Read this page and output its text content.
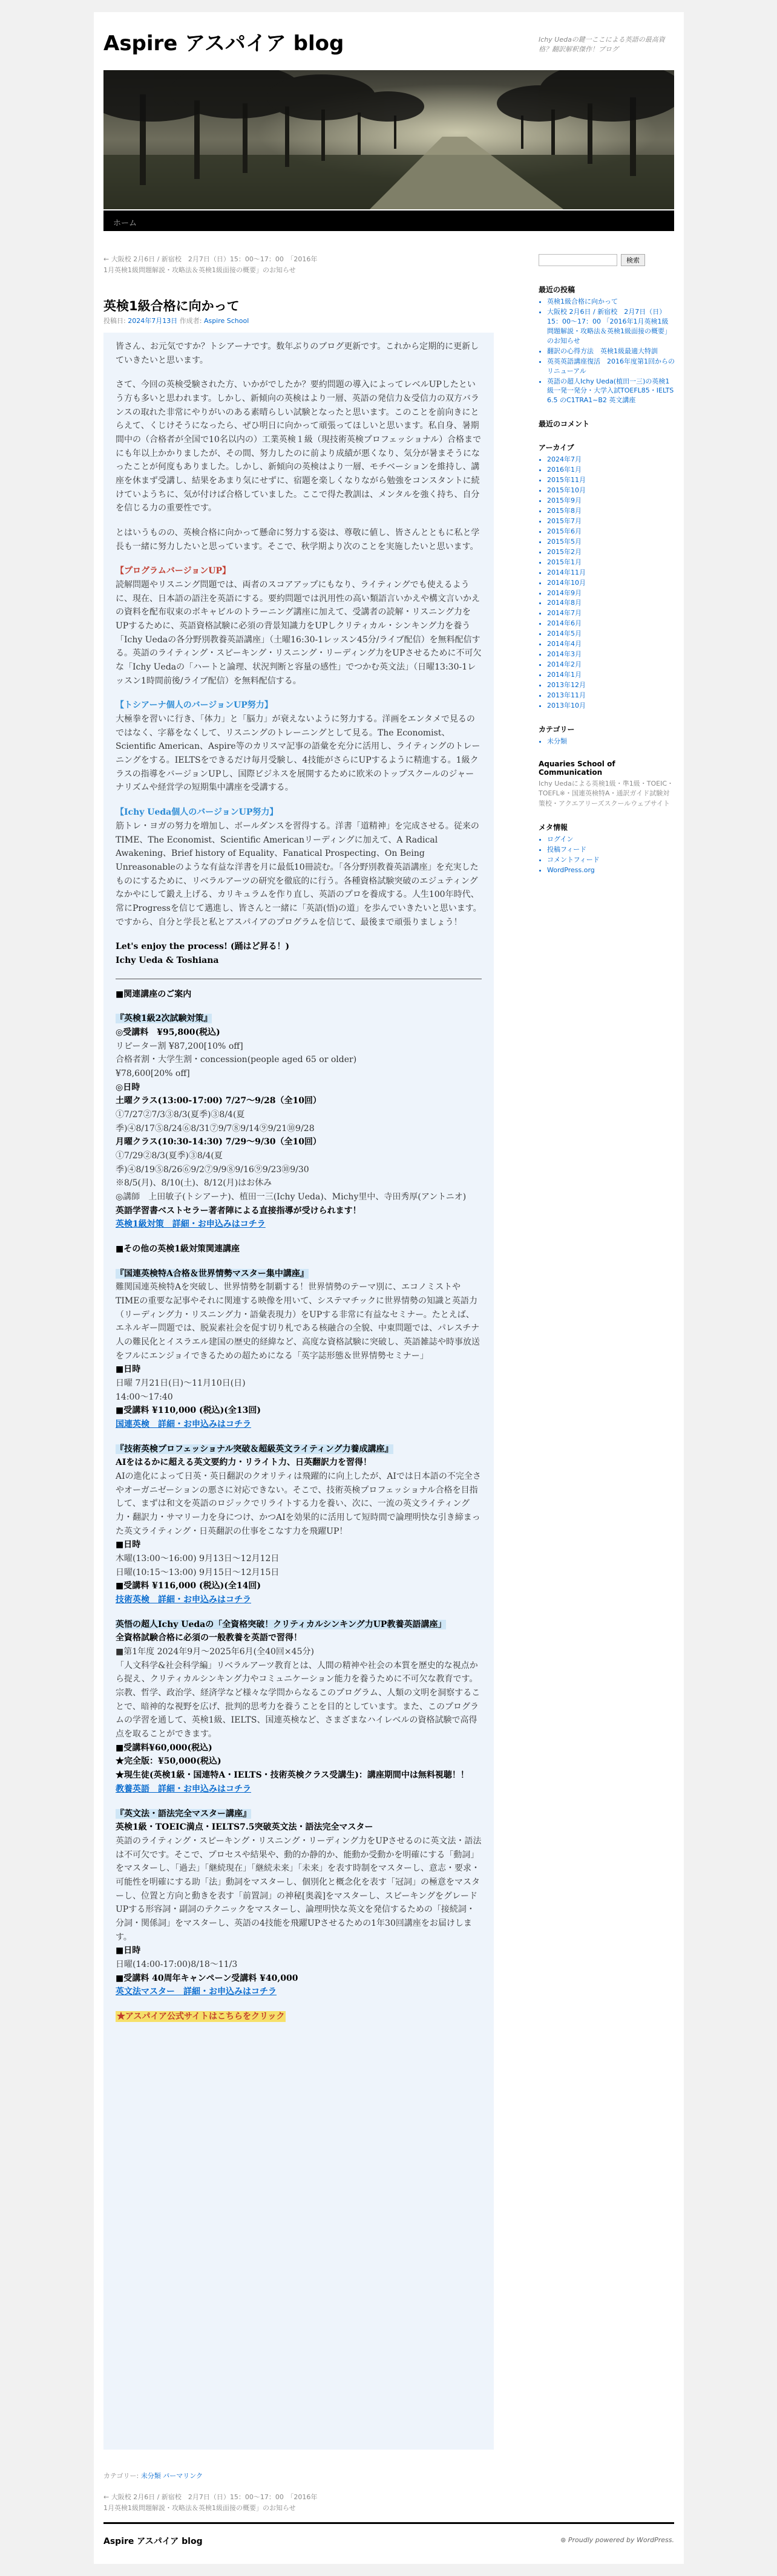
Aspire アスパイア blog	Ichy Uedaの鍵一ここによる英語の最高資格？翻訳解釈傑作！ブログ
ホーム
← 大阪校 2月6日 / 新宿校　2月7日（日）15：00〜17：00　「2016年1月英検1級問題解説・攻略法＆英検1級面接の概要」のお知らせ
英検1級合格に向かって
投稿日: 2024年7月13日 作成者: Aspire School

皆さん、お元気ですか？トシアーナです。数年ぶりのブログ更新です。これから定期的に更新していきたいと思います。

さて、今回の英検受験された方、いかがでしたか？要約問題の導入によってレベルUPしたという方も多いと思われます。しかし、新傾向の英検はより一層、英語の発信力＆受信力の双方バランスの取れた非常にやりがいのある素晴らしい試験となったと思います。このことを前向きにとらえて、くじけそうになったら、ぜひ明日に向かって頑張ってほしいと思います。私自身、暑期間中の（合格者が全国で10名以内の）工業英検１級（現技術英検プロフェッショナル）合格までにも年以上かかりましたが、その間、努力したのに前より成績が悪くなり、気分が暑まそうになったことが何度もありました。しかし、新傾向の英検はより一層、モチベーションを維持し、講座を休まず受講し、結果をあまり気にせずに、宿題を楽しくなりながら勉強をコンスタントに続けていようちに、気が付けば合格していました。ここで得た教訓は、メンタルを強く持ち、自分を信じる力の重要性です。

とはいうものの、英検合格に向かって懸命に努力する姿は、尊敬に値し、皆さんとともに私と学長も一緒に努力したいと思っています。そこで、秋学期より次のことを実施したいと思います。

【プログラムバージョンUP】
読解問題やリスニング問題では、両者のスコアアップにもなり、ライティングでも使えるように、現在、日本語の語注を英語にする。要約問題では汎用性の高い類語言いかえや構文言いかえの資料を配布収束のボキャビルのトラーニング講座に加えて、受講者の読解・リスニング力をUPするために、英語資格試験に必須の背景知識力をUPしクリティカル・シンキング力を養う「Ichy Uedaの各分野別教養英語講座」（土曜16:30-1レッスン45分/ライブ配信）を無料配信する。英語のライティング・スピーキング・リスニング・リーディング力をUPさせるために不可欠な「Ichy Uedaの「ハートと論理、状況判断と容量の感性」でつかむ英文法」（日曜13:30-1レッスン1時間前後/ライブ配信）を無料配信する。

【トシアーナ個人のバージョンUP努力】
大極拳を習いに行き、「体力」と「脳力」が衰えないように努力する。洋画をエンタメで見るのではなく、字幕をなくして、リスニングのトレーニングとして見る。The Economist、Scientific American、Aspire等のカリスマ記事の語彙を充分に活用し、ライティングのトレーニングをする。IELTSをできるだけ毎月受験し、4技能がさらにUPするように精進する。1級クラスの指導をバージョンUPし、国際ビジネスを展開するために欧米のトップスクールのジャーナリズムや経営学の短期集中講座を受講する。

【Ichy Ueda個人のバージョンUP努力】
筋トレ・ヨガの努力を増加し、ボールダンスを習得する。洋書「道精神」を完成させる。従来のTIME、The Economist、Scientific Americanリーディングに加えて、A Radical Awakening、Brief history of Equality、Fanatical Prospecting、On Being Unreasonableのような有益な洋書を月に最低10冊読む。「各分野別教養英語講座」を充実したものにするために、リベラルアーツの研究を徹底的に行う。各種資格試験突破のエジュティングなかやにして鍛え上げる、カリキュラムを作り直し、英語のプロを養成する。人生100年時代、常にProgressを信じて邁進し、皆さんと一緒に「英語(悟)の道」を歩んでいきたいと思います。ですから、自分と学長と私とアスパイアのプログラムを信じて、最後まで頑張りましょう！

Let's enjoy the process! (踊はど昇る！)
Ichy Ueda & Toshiana

■関連講座のご案内

『英検1級2次試験対策』
◎受講料　¥95,800(税込)
リピーター割 ¥87,200[10% off]
合格者割・大学生割・concession(people aged 65 or older)
¥78,600[20% off]
◎日時
土曜クラス(13:00-17:00) 7/27〜9/28（全10回）
①7/27②7/3③8/3(夏季)③8/4(夏
季)④8/17⑤8/24⑥8/31⑦9/7⑧9/14⑨9/21⑩9/28
月曜クラス(10:30-14:30) 7/29〜9/30（全10回）
①7/29②8/3(夏季)③8/4(夏
季)④8/19⑤8/26⑥9/2⑦9/9⑧9/16⑨9/23⑩9/30
※8/5(月)、8/10(土)、8/12(月)はお休み
◎講師　上田敏子(トシアーナ)、植田一三(Ichy Ueda)、Michy里中、寺田秀厚(アントニオ)
英語学習書ベストセラー著者陣による直接指導が受けられます！
英検1級対策　詳細・お申込みはコチラ

■その他の英検1級対策関連講座

『国連英検特A合格＆世界情勢マスター集中講座』
難関国連英検特Aを突破し、世界情勢を制覇する！世界情勢のテーマ別に、エコノミストやTIMEの重要な記事やそれに関連する映像を用いて、システマチックに世界情勢の知識と英語力（リーディング力・リスニング力・語彙表現力）をUPする非常に有益なセミナー。たとえば、エネルギー問題では、脱炭素社会を促す切り札である核融合の全貌、中東問題では、パレスチナ人の難民化とイスラエル建国の歴史的経緯など、高度な資格試験に突破し、英語雑誌や時事放送をフルにエンジョイできるための超ためになる「英字誌形態＆世界情勢セミナー」
■日時
日曜 7月21日(日)〜11月10日(日)
14:00〜17:40
■受講料 ¥110,000 (税込)(全13回)
国連英検　詳細・お申込みはコチラ

『技術英検プロフェッショナル突破＆超級英文ライティング力養成講座』
AIをはるかに超える英文要約力・リライト力、日英翻訳力を習得！
AIの進化によって日英・英日翻訳のクオリティは飛躍的に向上したが、AIでは日本語の不完全さやオーガニゼーションの悪さに対応できない。そこで、技術英検プロフェッショナル合格を目指して、まずは和文を英語のロジックでリライトする力を養い、次に、一流の英文ライティング力・翻訳力・サマリー力を身につけ、かつAIを効果的に活用して短時間で論理明快な引き締まった英文ライティング・日英翻訳の仕事をこなす力を飛躍UP！
■日時
木曜(13:00〜16:00) 9月13日〜12月12日
日曜(10:15〜13:00) 9月15日〜12月15日
■受講料 ¥116,000 (税込)(全14回)
技術英検　詳細・お申込みはコチラ

英悟の超人Ichy Uedaの「全資格突破！クリティカルシンキング力UP教養英語講座」
全資格試験合格に必須の一般教養を英語で習得！
■第1年度 2024年9月〜2025年6月(全40回×45分)
「人文科学&社会科学編」リベラルアーツ教育とは、人間の精神や社会の本質を歴史的な視点から捉え、クリティカルシンキング力やコミュニケーション能力を養うために不可欠な教育です。宗教、哲学、政治学、経済学など様々な学問からなるこのプログラム、人類の文明を洞察することで、暗神的な視野を広げ、批判的思考力を養うことを目的としています。また、このプログラムの学習を通して、英検1級、IELTS、国連英検など、さまざまなハイレベルの資格試験で高得点を取ることができます。
■受講料¥60,000(税込)
★完全版：¥50,000(税込)
★現生徒(英検1級・国連特A・IELTS・技術英検クラス受講生)：講座期間中は無料視聴！！
教養英語　詳細・お申込みはコチラ

『英文法・語法完全マスター講座』
英検1級・TOEIC満点・IELTS7.5突破英文法・語法完全マスター
英語のライティング・スピーキング・リスニング・リーディング力をUPさせるのに英文法・語法は不可欠です。そこで、プロセスや結果や、動的か静的か、能動か受動かを明確にする「動詞」をマスターし、「過去」「継続現在」「継続未来」「未来」を表す時制をマスターし、意志・要求・可能性を明確にする助「法」動詞をマスターし、個別化と概念化を表す「冠詞」の極意をマスターし、位置と方向と動きを表す「前置詞」の神秘[奥義]をマスターし、スピーキングをグレードUPする形容詞・副詞のテクニックをマスターし、論理明快な英文を発信するための「接続詞・分詞・関係詞」をマスターし、英語の4技能を飛躍UPさせるための1年30回講座をお届けします。
■日時
日曜(14:00-17:00)8/18〜11/3
■受講料 40周年キャンペーン受講料 ¥40,000
英文法マスター　詳細・お申込みはコチラ

★アスパイア公式サイトはこちらをクリック

カテゴリー: 未分類 パーマリンク
← 大阪校 2月6日 / 新宿校　2月7日（日）15：00〜17：00　「2016年1月英検1級問題解説・攻略法＆英検1級面接の概要」のお知らせ
検索
最近の投稿
• 英検1級合格に向かって
• 大阪校 2月6日 / 新宿校　2月7日（日）15：00〜17：00 「2016年1月英検1級問題解説・攻略法＆英検1級面接の概要」のお知らせ
• 翻訳の心得方法　英検1級最適大特訓
• 英英英語講座復活　2016年度第1回からのリニューアル
• 英語の超人Ichy Ueda(植田一三)の英検1級一発一発分・大学入試TOEFL85・IELTS 6.5 のC1TRA1~B2 英文講座
最近のコメント
アーカイブ
• 2024年7月
• 2016年1月
• 2015年11月
• 2015年10月
• 2015年9月
• 2015年8月
• 2015年7月
• 2015年6月
• 2015年5月
• 2015年2月
• 2015年1月
• 2014年11月
• 2014年10月
• 2014年9月
• 2014年8月
• 2014年7月
• 2014年6月
• 2014年5月
• 2014年4月
• 2014年3月
• 2014年2月
• 2014年1月
• 2013年12月
• 2013年11月
• 2013年10月
カテゴリー
• 未分類
Aquaries School of Communication
Ichy Uedaによる英検1級・準1級・TOEIC・TOEFL※・国連英検特A・通訳ガイド試験対策校・アクエアリーズスクールウェブサイト
メタ情報
• ログイン
• 投稿フィード
• コメントフィード
• WordPress.org
Aspire アスパイア blog	⊛ Proudly powered by WordPress.
